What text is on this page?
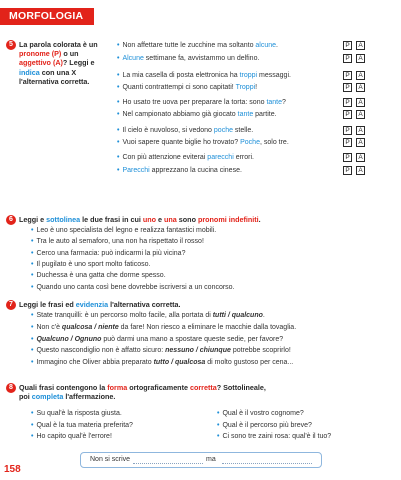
MORFOLOGIA
5 La parola colorata è un pronome (P) o un aggettivo (A)? Leggi e indica con una X l'alternativa corretta.
• Non affettare tutte le zucchine ma soltanto alcune.	P	A
• Alcune settimane fa, avvistammo un delfino.	P	A
• La mia casella di posta elettronica ha troppi messaggi.	P	A
• Quanti contrattempi ci sono capitati! Troppi!	P	A
• Ho usato tre uova per preparare la torta: sono tante?	P	A
• Nel campionato abbiamo già giocato tante partite.	P	A
• Il cielo è nuvoloso, si vedono poche stelle.	P	A
• Vuoi sapere quante biglie ho trovato? Poche, solo tre.	P	A
• Con più attenzione eviterai parecchi errori.	P	A
• Parecchi apprezzano la cucina cinese.	P	A
6 Leggi e sottolinea le due frasi in cui uno e una sono pronomi indefiniti.
• Leo è uno specialista del legno e realizza fantastici mobili.
• Tra le auto al semaforo, una non ha rispettato il rosso!
• Cerco una farmacia: può indicarmi la più vicina?
• Il pugilato è uno sport molto faticoso.
• Duchessa è una gatta che dorme spesso.
• Quando uno canta così bene dovrebbe iscriversi a un concorso.
7 Leggi le frasi ed evidenzia l'alternativa corretta.
• State tranquilli: è un percorso molto facile, alla portata di tutti / qualcuno.
• Non c'è qualcosa / niente da fare! Non riesco a eliminare le macchie dalla tovaglia.
• Qualcuno / Ognuno può darmi una mano a spostare queste sedie, per favore?
• Questo nascondiglio non è affatto sicuro: nessuno / chiunque potrebbe scoprirlo!
• Immagino che Oliver abbia preparato tutto / qualcosa di molto gustoso per cena...
8 Quali frasi contengono la forma ortograficamente corretta? Sottolineale,
poi completa l'affermazione.
• Su qual'è la risposta giusta.
• Qual è la tua materia preferita?
• Ho capito qual'è l'errore!
• Qual è il vostro cognome?
• Qual è il percorso più breve?
• Ci sono tre zaini rosa: qual'è il tuo?
Non si scrive	ma
158
